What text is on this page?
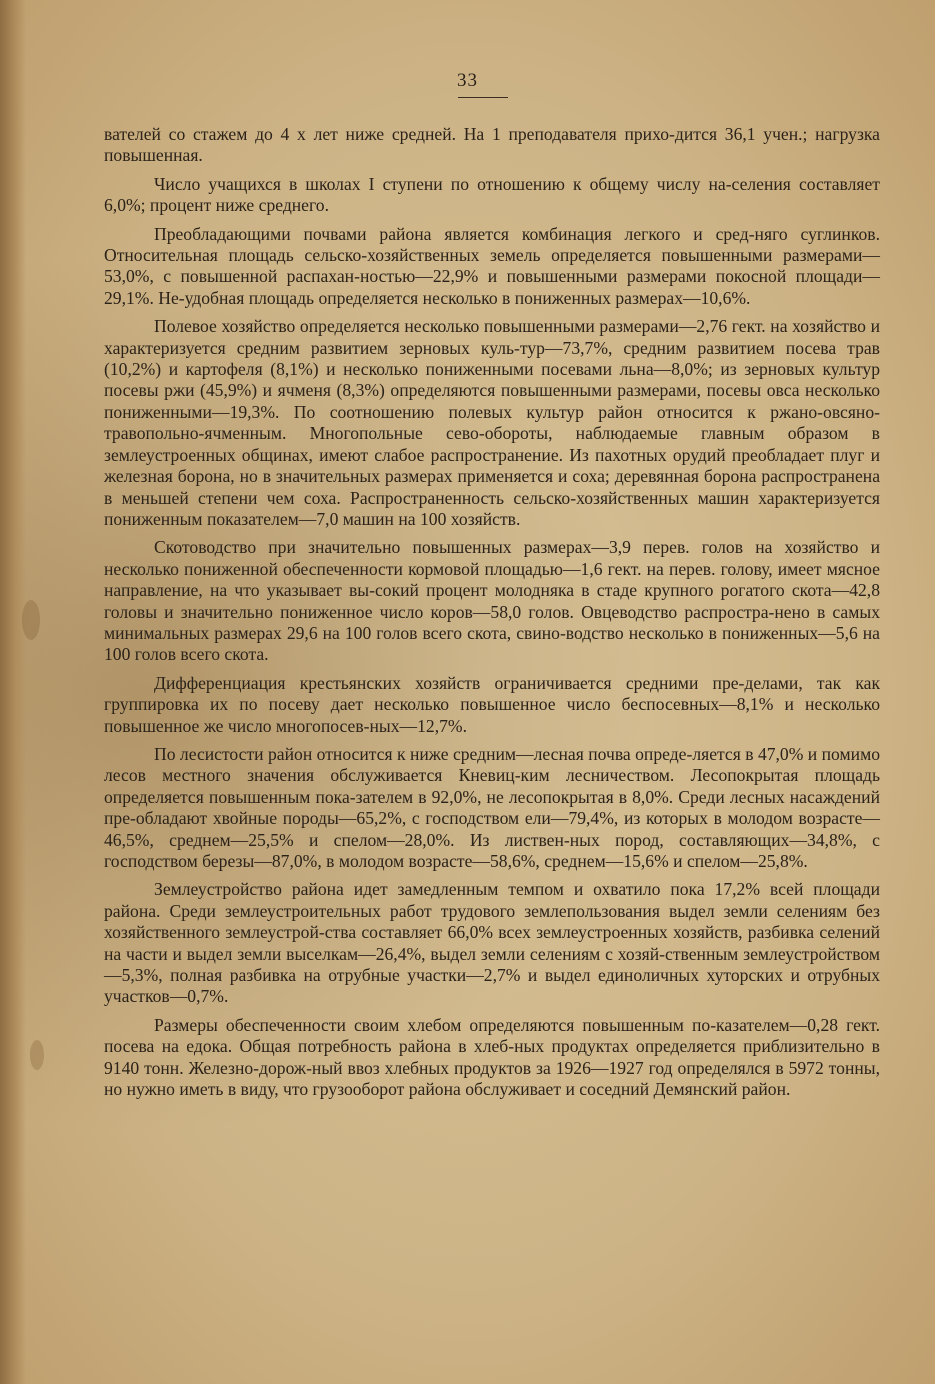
33

вателей со стажем до 4 х лет ниже средней. На 1 преподавателя прихо-дится 36,1 учен.; нагрузка повышенная.

Число учащихся в школах I ступени по отношению к общему числу на-селения составляет 6,0%; процент ниже среднего.

Преобладающими почвами района является комбинация легкого и сред-няго суглинков. Относительная площадь сельско-хозяйственных земель определяется повышенными размерами—53,0%, с повышенной распахан-ностью—22,9% и повышенными размерами покосной площади—29,1%. Не-удобная площадь определяется несколько в пониженных размерах—10,6%.

Полевое хозяйство определяется несколько повышенными размерами—2,76 гект. на хозяйство и характеризуется средним развитием зерновых куль-тур—73,7%, средним развитием посева трав (10,2%) и картофеля (8,1%) и несколько пониженными посевами льна—8,0%; из зерновых культур посевы ржи (45,9%) и ячменя (8,3%) определяются повышенными размерами, посевы овса несколько пониженными—19,3%. По соотношению полевых культур район относится к ржано-овсяно-травопольно-ячменным. Многопольные сево-обороты, наблюдаемые главным образом в землеустроенных общинах, имеют слабое распространение. Из пахотных орудий преобладает плуг и железная борона, но в значительных размерах применяется и соха; деревянная борона распространена в меньшей степени чем соха. Распространенность сельско-хозяйственных машин характеризуется пониженным показателем—7,0 машин на 100 хозяйств.

Скотоводство при значительно повышенных размерах—3,9 перев. голов на хозяйство и несколько пониженной обеспеченности кормовой площадью—1,6 гект. на перев. голову, имеет мясное направление, на что указывает вы-сокий процент молодняка в стаде крупного рогатого скота—42,8 головы и значительно пониженное число коров—58,0 голов. Овцеводство распростра-нено в самых минимальных размерах 29,6 на 100 голов всего скота, свино-водство несколько в пониженных—5,6 на 100 голов всего скота.

Дифференциация крестьянских хозяйств ограничивается средними пре-делами, так как группировка их по посеву дает несколько повышенное число беспосевных—8,1% и несколько повышенное же число многопосев-ных—12,7%.

По лесистости район относится к ниже средним—лесная почва опреде-ляется в 47,0% и помимо лесов местного значения обслуживается Кневиц-ким лесничеством. Лесопокрытая площадь определяется повышенным пока-зателем в 92,0%, не лесопокрытая в 8,0%. Среди лесных насаждений пре-обладают хвойные породы—65,2%, с господством ели—79,4%, из которых в молодом возрасте—46,5%, среднем—25,5% и спелом—28,0%. Из листвен-ных пород, составляющих—34,8%, с господством березы—87,0%, в молодом возрасте—58,6%, среднем—15,6% и спелом—25,8%.

Землеустройство района идет замедленным темпом и охватило пока 17,2% всей площади района. Среди землеустроительных работ трудового землепользования выдел земли селениям без хозяйственного землеустрой-ства составляет 66,0% всех землеустроенных хозяйств, разбивка селений на части и выдел земли выселкам—26,4%, выдел земли селениям с хозяй-ственным землеустройством—5,3%, полная разбивка на отрубные участки—2,7% и выдел единоличных хуторских и отрубных участков—0,7%.

Размеры обеспеченности своим хлебом определяются повышенным по-казателем—0,28 гект. посева на едока. Общая потребность района в хлеб-ных продуктах определяется приблизительно в 9140 тонн. Железно-дорож-ный ввоз хлебных продуктов за 1926—1927 год определялся в 5972 тонны, но нужно иметь в виду, что грузооборот района обслуживает и соседний Демянский район.
